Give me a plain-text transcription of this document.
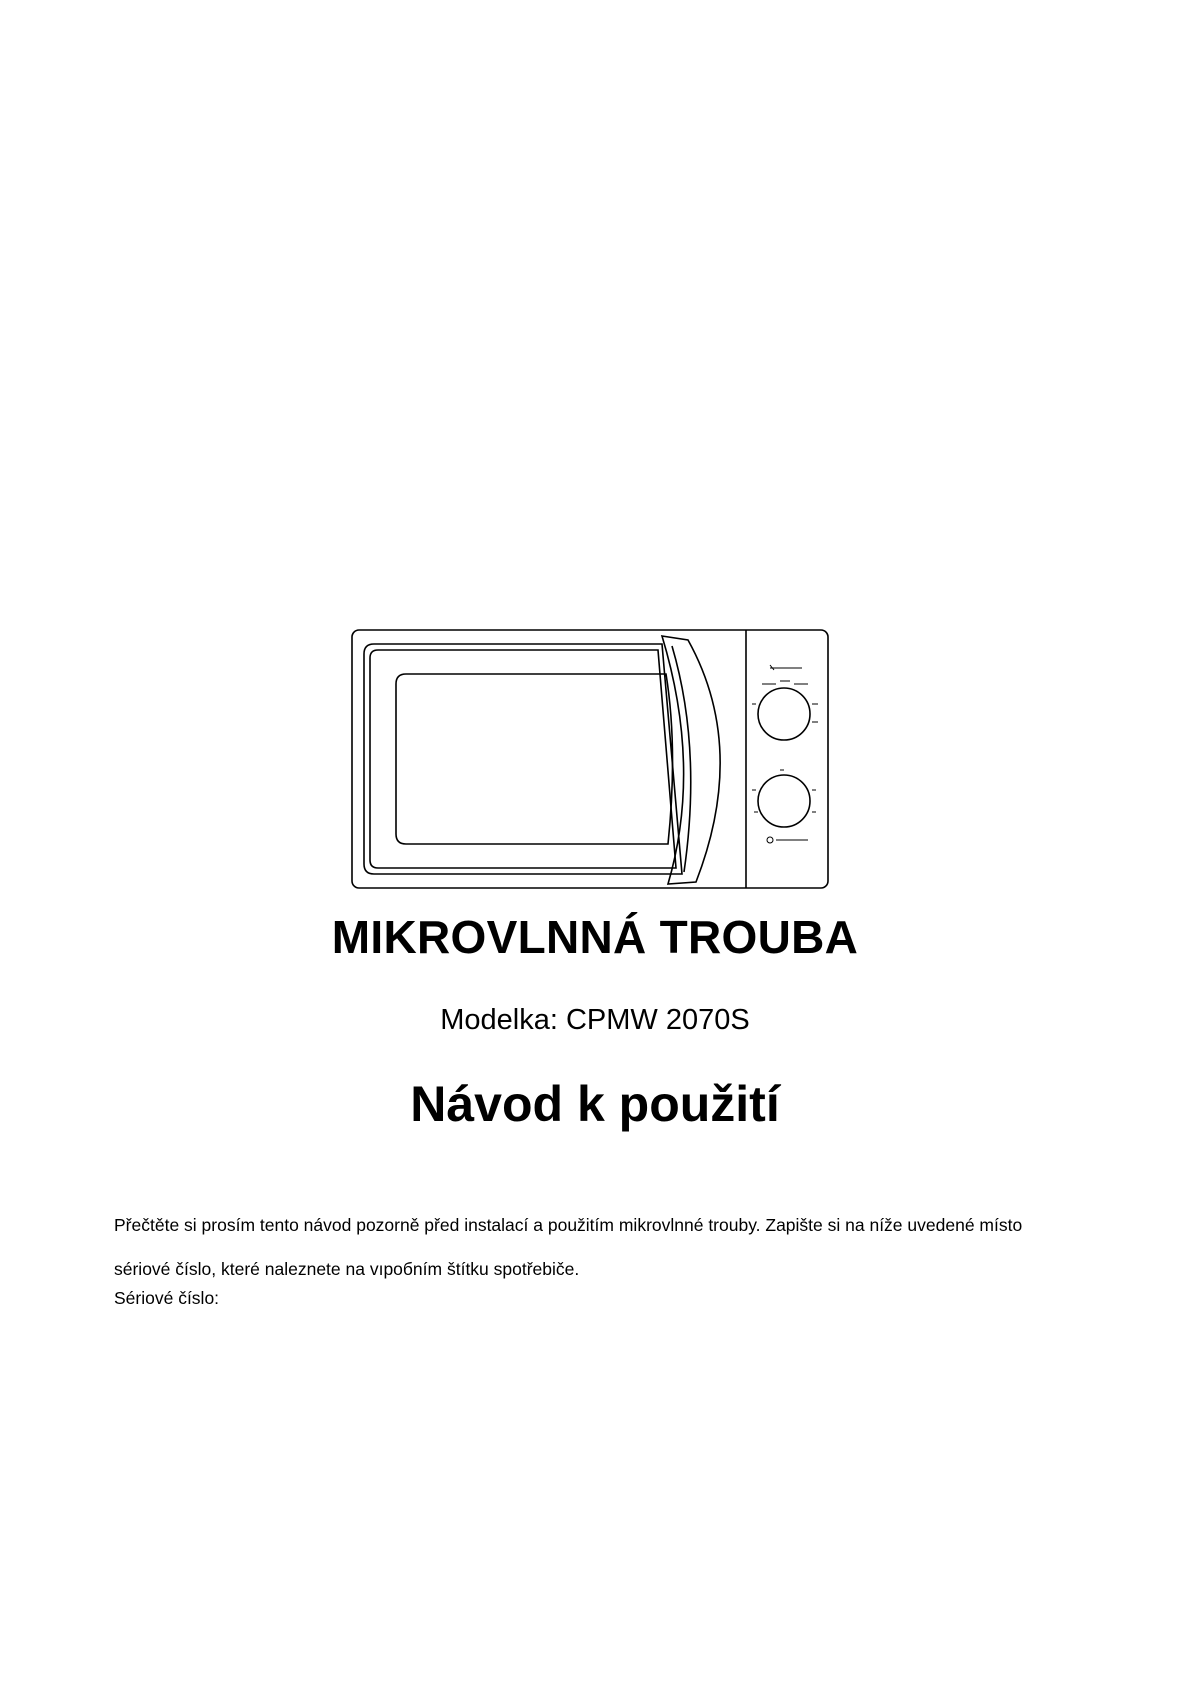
MIKROVLNNÁ TROUBA

Modelka: CPMW 2070S

Návod k použití

Přečtěte si prosím tento návod pozorně před instalací a použitím mikrovlnné trouby. Zapište si na níže uvedené místo sériové číslo, které naleznete na vıробním štítku spotřebiče.

Sériové číslo:
